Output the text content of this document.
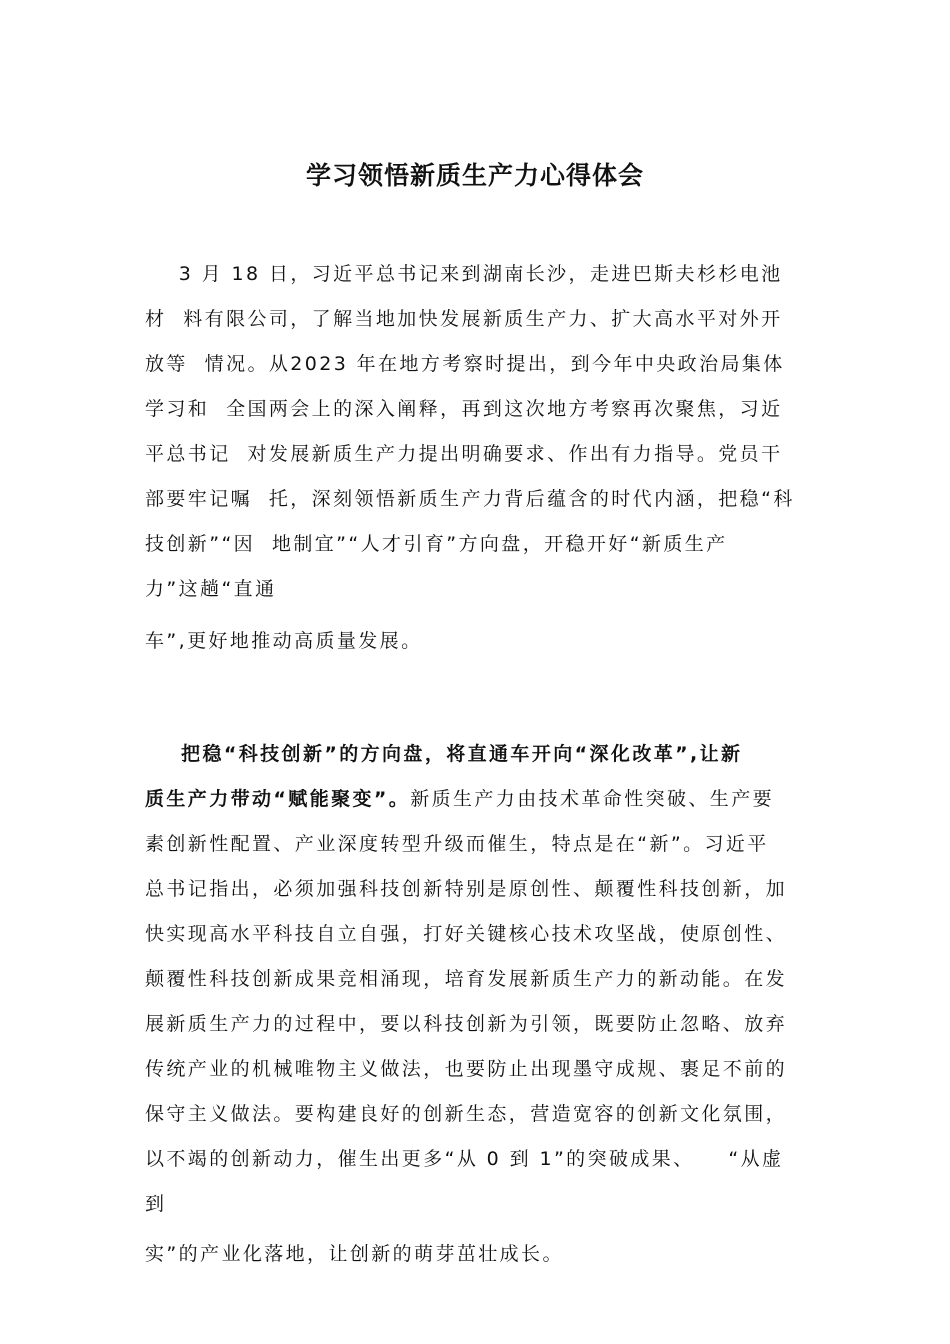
学习领悟新质生产力心得体会
3 月 18 日，习近平总书记来到湖南长沙，走进巴斯夫杉杉电池
材  料有限公司，了解当地加快发展新质生产力、扩大高水平对外开
放等  情况。从2023 年在地方考察时提出，到今年中央政治局集体
学习和  全国两会上的深入阐释，再到这次地方考察再次聚焦，习近
平总书记  对发展新质生产力提出明确要求、作出有力指导。党员干
部要牢记嘱  托，深刻领悟新质生产力背后蕴含的时代内涵，把稳“科
技创新”“因  地制宜”“人才引育”方向盘，开稳开好“新质生产
力”这趟“直通
车”,更好地推动高质量发展。
把稳“科技创新”的方向盘，将直通车开向“深化改革”,让新
质生产力带动“赋能聚变”。新质生产力由技术革命性突破、生产要
素创新性配置、产业深度转型升级而催生，特点是在“新”。习近平
总书记指出，必须加强科技创新特别是原创性、颠覆性科技创新，加
快实现高水平科技自立自强，打好关键核心技术攻坚战，使原创性、
颠覆性科技创新成果竞相涌现，培育发展新质生产力的新动能。在发
展新质生产力的过程中，要以科技创新为引领，既要防止忽略、放弃
传统产业的机械唯物主义做法，也要防止出现墨守成规、裹足不前的
保守主义做法。要构建良好的创新生态，营造宽容的创新文化氛围，
以不竭的创新动力，催生出更多“从 0 到 1”的突破成果、    “从虚
到
实”的产业化落地，让创新的萌芽茁壮成长。
